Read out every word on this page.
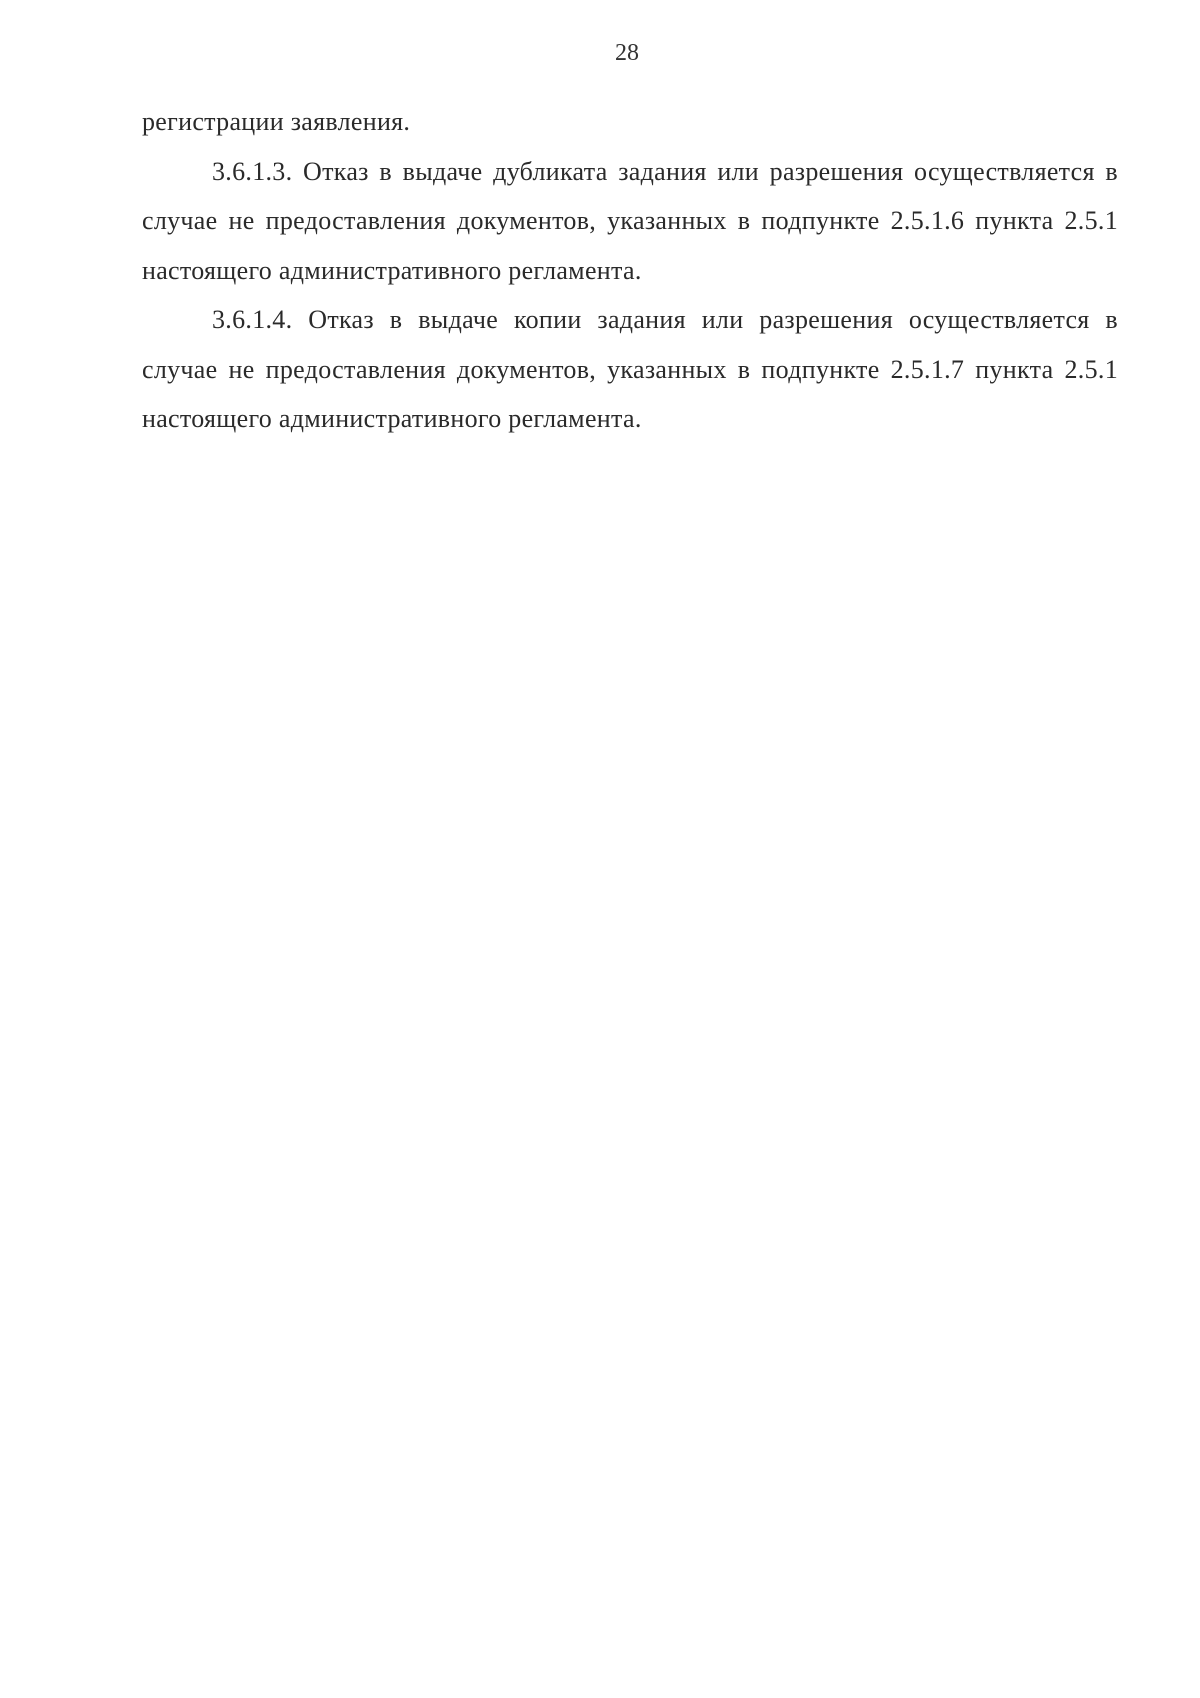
28

регистрации заявления.

3.6.1.3. Отказ в выдаче дубликата задания или разрешения осуществляется в случае не предоставления документов, указанных в подпункте 2.5.1.6 пункта 2.5.1 настоящего административного регламента.

3.6.1.4. Отказ в выдаче копии задания или разрешения осуществляется в случае не предоставления документов, указанных в подпункте 2.5.1.7 пункта 2.5.1 настоящего административного регламента.
